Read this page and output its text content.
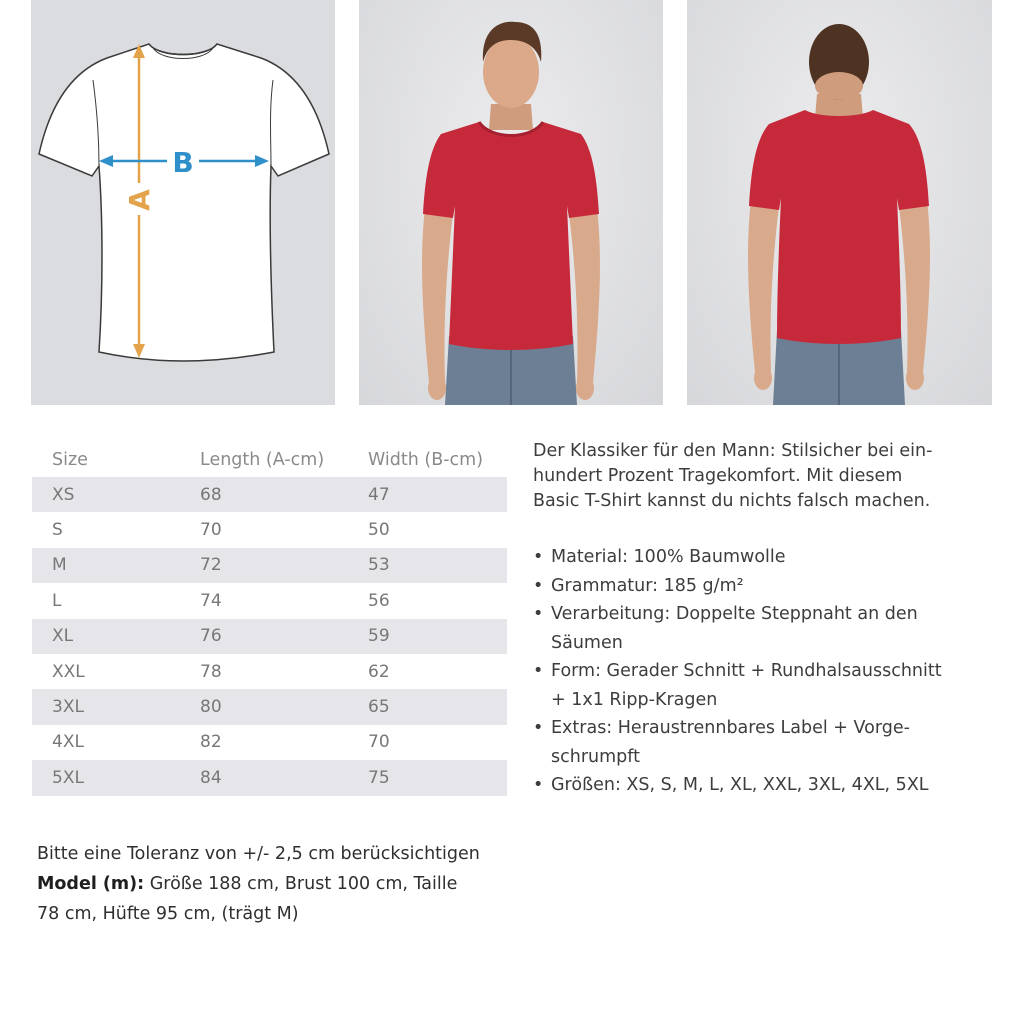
B
A
Size	Length (A-cm)	Width (B-cm)
XS	68	47
S	70	50
M	72	53
L	74	56
XL	76	59
XXL	78	62
3XL	80	65
4XL	82	70
5XL	84	75

Der Klassiker für den Mann: Stilsicher bei ein-
hundert Prozent Tragekomfort. Mit diesem
Basic T-Shirt kannst du nichts falsch machen.

• Material: 100% Baumwolle
• Grammatur: 185 g/m²
• Verarbeitung: Doppelte Steppnaht an den
Säumen
• Form: Gerader Schnitt + Rundhalsausschnitt
+ 1x1 Ripp-Kragen
• Extras: Heraustrennbares Label + Vorge-
schrumpft
• Größen: XS, S, M, L, XL, XXL, 3XL, 4XL, 5XL

Bitte eine Toleranz von +/- 2,5 cm berücksichtigen
Model (m): Größe 188 cm, Brust 100 cm, Taille
78 cm, Hüfte 95 cm, (trägt M)
